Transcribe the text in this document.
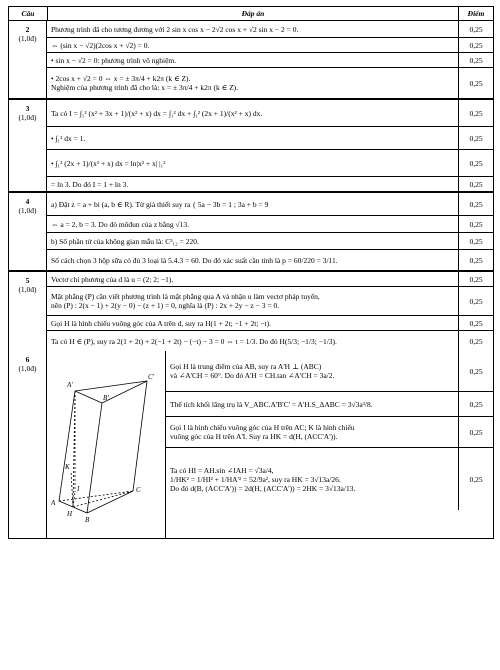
Câu	Đáp án	Điểm
2
(1,0đ)
Phương trình đã cho tương đương với 2 sin x cos x − 2√2 cos x + √2 sin x − 2 = 0.	0,25
⇔ (sin x − √2)(2cos x + √2) = 0.	0,25
• sin x − √2 = 0: phương trình vô nghiệm.	0,25
• 2cos x + √2 = 0 ⇔ x = ± 3π/4 + k2π (k ∈ Z).
Nghiệm của phương trình đã cho là: x = ± 3π/4 + k2π (k ∈ Z).	0,25
3
(1,0đ)	Ta có I = ∫₁² (x² + 3x + 1)/(x² + x) dx = ∫₁² dx + ∫₁² (2x + 1)/(x² + x) dx.	0,25
• ∫₁² dx = 1.	0,25
• ∫₁² (2x + 1)/(x² + x) dx = ln|x² + x| |₁²	0,25
= ln 3. Do đó I = 1 + ln 3.	0,25
4
(1,0đ)
a) Đặt z = a + bi (a, b ∈ R). Từ giả thiết suy ra { 5a − 3b = 1 ; 3a + b = 9	0,25
⇔ a = 2, b = 3. Do đó môđun của z bằng √13.	0,25
b) Số phần tử của không gian mẫu là: C³₁₂ = 220.	0,25
Số cách chọn 3 hộp sữa có đủ 3 loại là 5.4.3 = 60. Do đó xác suất cần tính là p = 60/220 = 3/11.	0,25
5
(1,0đ)
Vectơ chỉ phương của d là u = (2; 2; −1).	0,25
Mặt phẳng (P) cần viết phương trình là mặt phẳng qua A và nhận u làm vectơ pháp tuyến,
nên (P) : 2(x − 1) + 2(y − 0) − (z + 1) = 0, nghĩa là (P) : 2x + 2y − z − 3 = 0.	0,25
Gọi H là hình chiếu vuông góc của A trên d, suy ra H(1 + 2t; −1 + 2t; −t).	0,25
Ta có H ∈ (P), suy ra 2(1 + 2t) + 2(−1 + 2t) − (−t) − 3 = 0 ⇔ t = 1/3. Do đó H(5/3; −1/3; −1/3).	0,25
6
(1,0đ)
A'
B'
C'
K
I
A
H
B
C
Gọi H là trung điểm của AB, suy ra A'H ⊥ (ABC)
và ∠A'CH = 60°. Do đó A'H = CH.tan ∠A'CH = 3a/2.	0,25
Thể tích khối lăng trụ là V_ABC.A'B'C' = A'H.S_ΔABC = 3√3a³/8.	0,25
Gọi I là hình chiếu vuông góc của H trên AC; K là hình chiếu
vuông góc của H trên A'I. Suy ra HK = d(H, (ACC'A')).	0,25
Ta có HI = AH.sin ∠IAH = √3a/4,
1/HK² = 1/HI² + 1/HA'² = 52/9a², suy ra HK = 3√13a/26.
Do đó d(B, (ACC'A')) = 2d(H, (ACC'A')) = 2HK = 3√13a/13.
0,25
